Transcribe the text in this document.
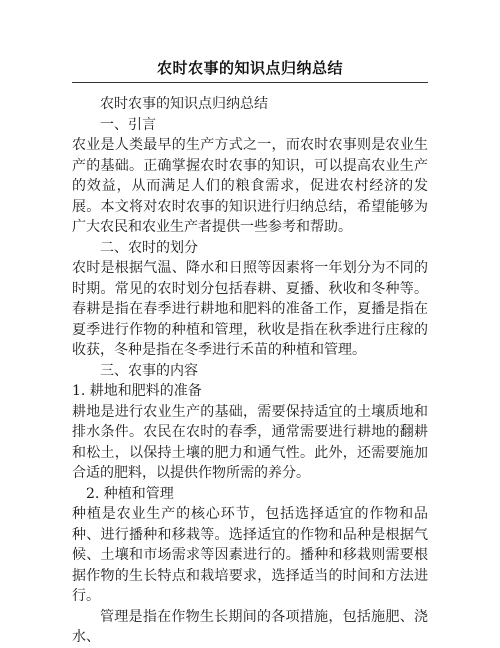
农时农事的知识点归纳总结

农时农事的知识点归纳总结

一、引言

农业是人类最早的生产方式之一，而农时农事则是农业生产的基础。正确掌握农时农事的知识，可以提高农业生产的效益，从而满足人们的粮食需求，促进农村经济的发展。本文将对农时农事的知识进行归纳总结，希望能够为广大农民和农业生产者提供一些参考和帮助。

二、农时的划分

农时是根据气温、降水和日照等因素将一年划分为不同的时期。常见的农时划分包括春耕、夏播、秋收和冬种等。春耕是指在春季进行耕地和肥料的准备工作，夏播是指在夏季进行作物的种植和管理，秋收是指在秋季进行庄稼的收获，冬种是指在冬季进行禾苗的种植和管理。

三、农事的内容

1. 耕地和肥料的准备

耕地是进行农业生产的基础，需要保持适宜的土壤质地和排水条件。农民在农时的春季，通常需要进行耕地的翻耕和松土，以保持土壤的肥力和通气性。此外，还需要施加合适的肥料，以提供作物所需的养分。

2. 种植和管理

种植是农业生产的核心环节，包括选择适宜的作物和品种、进行播种和移栽等。选择适宜的作物和品种是根据气候、土壤和市场需求等因素进行的。播种和移栽则需要根据作物的生长特点和栽培要求，选择适当的时间和方法进行。

管理是指在作物生长期间的各项措施，包括施肥、浇水、
